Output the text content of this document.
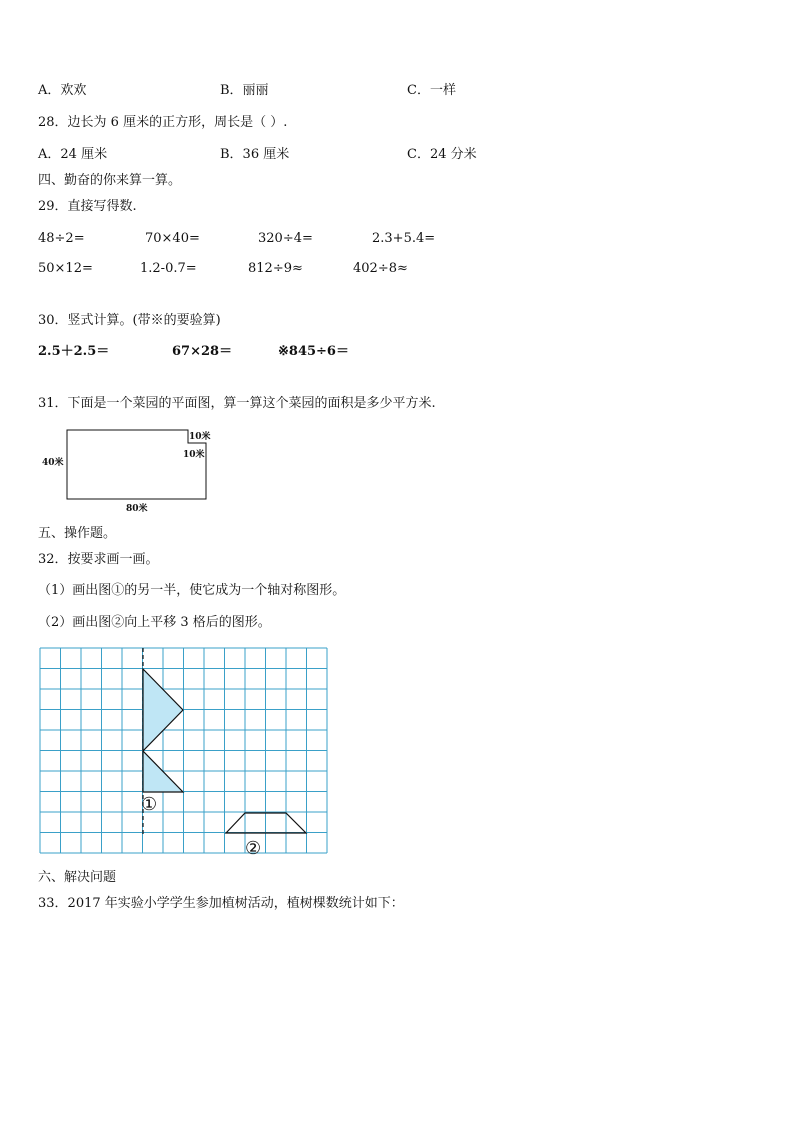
A．欢欢	B．丽丽	C．一样
28．边长为 6 厘米的正方形，周长是（ ）.
A．24 厘米	B．36 厘米	C．24 分米
四、勤奋的你来算一算。
29．直接写得数.
48÷2=	70×40=	320÷4=	2.3+5.4=
50×12=	1.2-0.7=	812÷9≈	402÷8≈
30．竖式计算。(带※的要验算)
2.5＋2.5＝	67×28＝	※845÷6＝
31．下面是一个菜园的平面图，算一算这个菜园的面积是多少平方米.
40米
80米
10米
10米
五、操作题。
32．按要求画一画。
（1）画出图①的另一半，使它成为一个轴对称图形。
（2）画出图②向上平移 3 格后的图形。
①
②
六、解决问题
33．2017 年实验小学学生参加植树活动，植树棵数统计如下：
